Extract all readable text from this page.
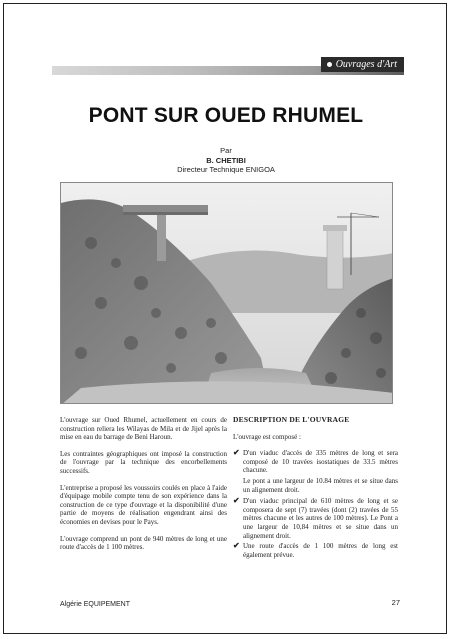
Ouvrages d'Art
PONT SUR OUED RHUMEL
Par
B. CHETIBI
Directeur Technique ENIGOA

L'ouvrage sur Oued Rhumel, actuellement en cours de construction reliera les Wilayas de Mila et de Jijel après la mise en eau du barrage de Beni Haroun.

Les contraintes géographiques ont imposé la construction de l'ouvrage par la technique des encorbellements successifs.

L'entreprise a proposé les voussoirs coulés en place à l'aide d'équipage mobile compte tenu de son expérience dans la construction de ce type d'ouvrage et la disponibilité d'une partie de moyens de réalisation engendrant ainsi des économies en devises pour le Pays.

L'ouvrage comprend un pont de 940 mètres de long et une route d'accès de 1 100 mètres.

DESCRIPTION DE L'OUVRAGE

L'ouvrage est composé :

✔ D'un viaduc d'accès de 335 mètres de long et sera composé de 10 travées isostatiques de 33.5 mètres chacune.
Le pont a une largeur de 10.84 mètres et se situe dans un alignement droit.
✔ D'un viaduc principal de 610 mètres de long et se composera de sept (7) travées (dont (2) travées de 55 mètres chacune et les autres de 100 mètres). Le Pont a une largeur de 10,84 mètres et se situe dans un alignement droit.
✔ Une route d'accès de 1 100 mètres de long est également prévue.
Algérie EQUIPEMENT	27
